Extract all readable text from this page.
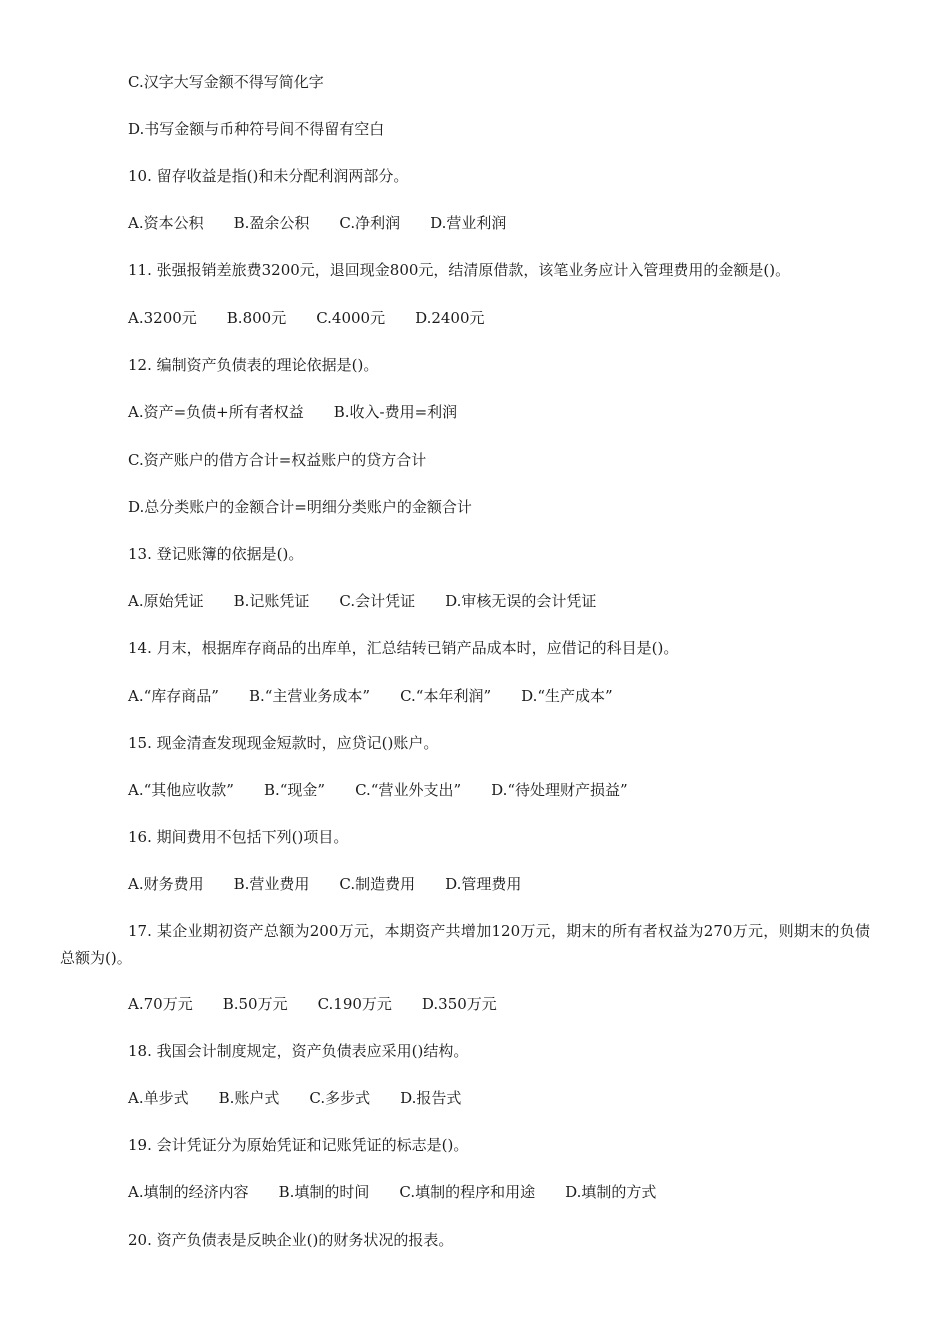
C.汉字大写金额不得写简化字
D.书写金额与币种符号间不得留有空白
10. 留存收益是指()和未分配利润两部分。
A.资本公积　　B.盈余公积　　C.净利润　　D.营业利润
11. 张强报销差旅费3200元，退回现金800元，结清原借款，该笔业务应计入管理费用的金额是()。
A.3200元　　B.800元　　C.4000元　　D.2400元
12. 编制资产负债表的理论依据是()。
A.资产=负债+所有者权益　　B.收入-费用=利润
C.资产账户的借方合计=权益账户的贷方合计
D.总分类账户的金额合计=明细分类账户的金额合计
13. 登记账簿的依据是()。
A.原始凭证　　B.记账凭证　　C.会计凭证　　D.审核无误的会计凭证
14. 月末，根据库存商品的出库单，汇总结转已销产品成本时，应借记的科目是()。
A.“库存商品”　　B.“主营业务成本”　　C.“本年利润”　　D.“生产成本”
15. 现金清查发现现金短款时，应贷记()账户。
A.“其他应收款”　　B.“现金”　　C.“营业外支出”　　D.“待处理财产损益”
16. 期间费用不包括下列()项目。
A.财务费用　　B.营业费用　　C.制造费用　　D.管理费用
17. 某企业期初资产总额为200万元，本期资产共增加120万元，期末的所有者权益为270万元，则期末的负债总额为()。
A.70万元　　B.50万元　　C.190万元　　D.350万元
18. 我国会计制度规定，资产负债表应采用()结构。
A.单步式　　B.账户式　　C.多步式　　D.报告式
19. 会计凭证分为原始凭证和记账凭证的标志是()。
A.填制的经济内容　　B.填制的时间　　C.填制的程序和用途　　D.填制的方式
20. 资产负债表是反映企业()的财务状况的报表。
